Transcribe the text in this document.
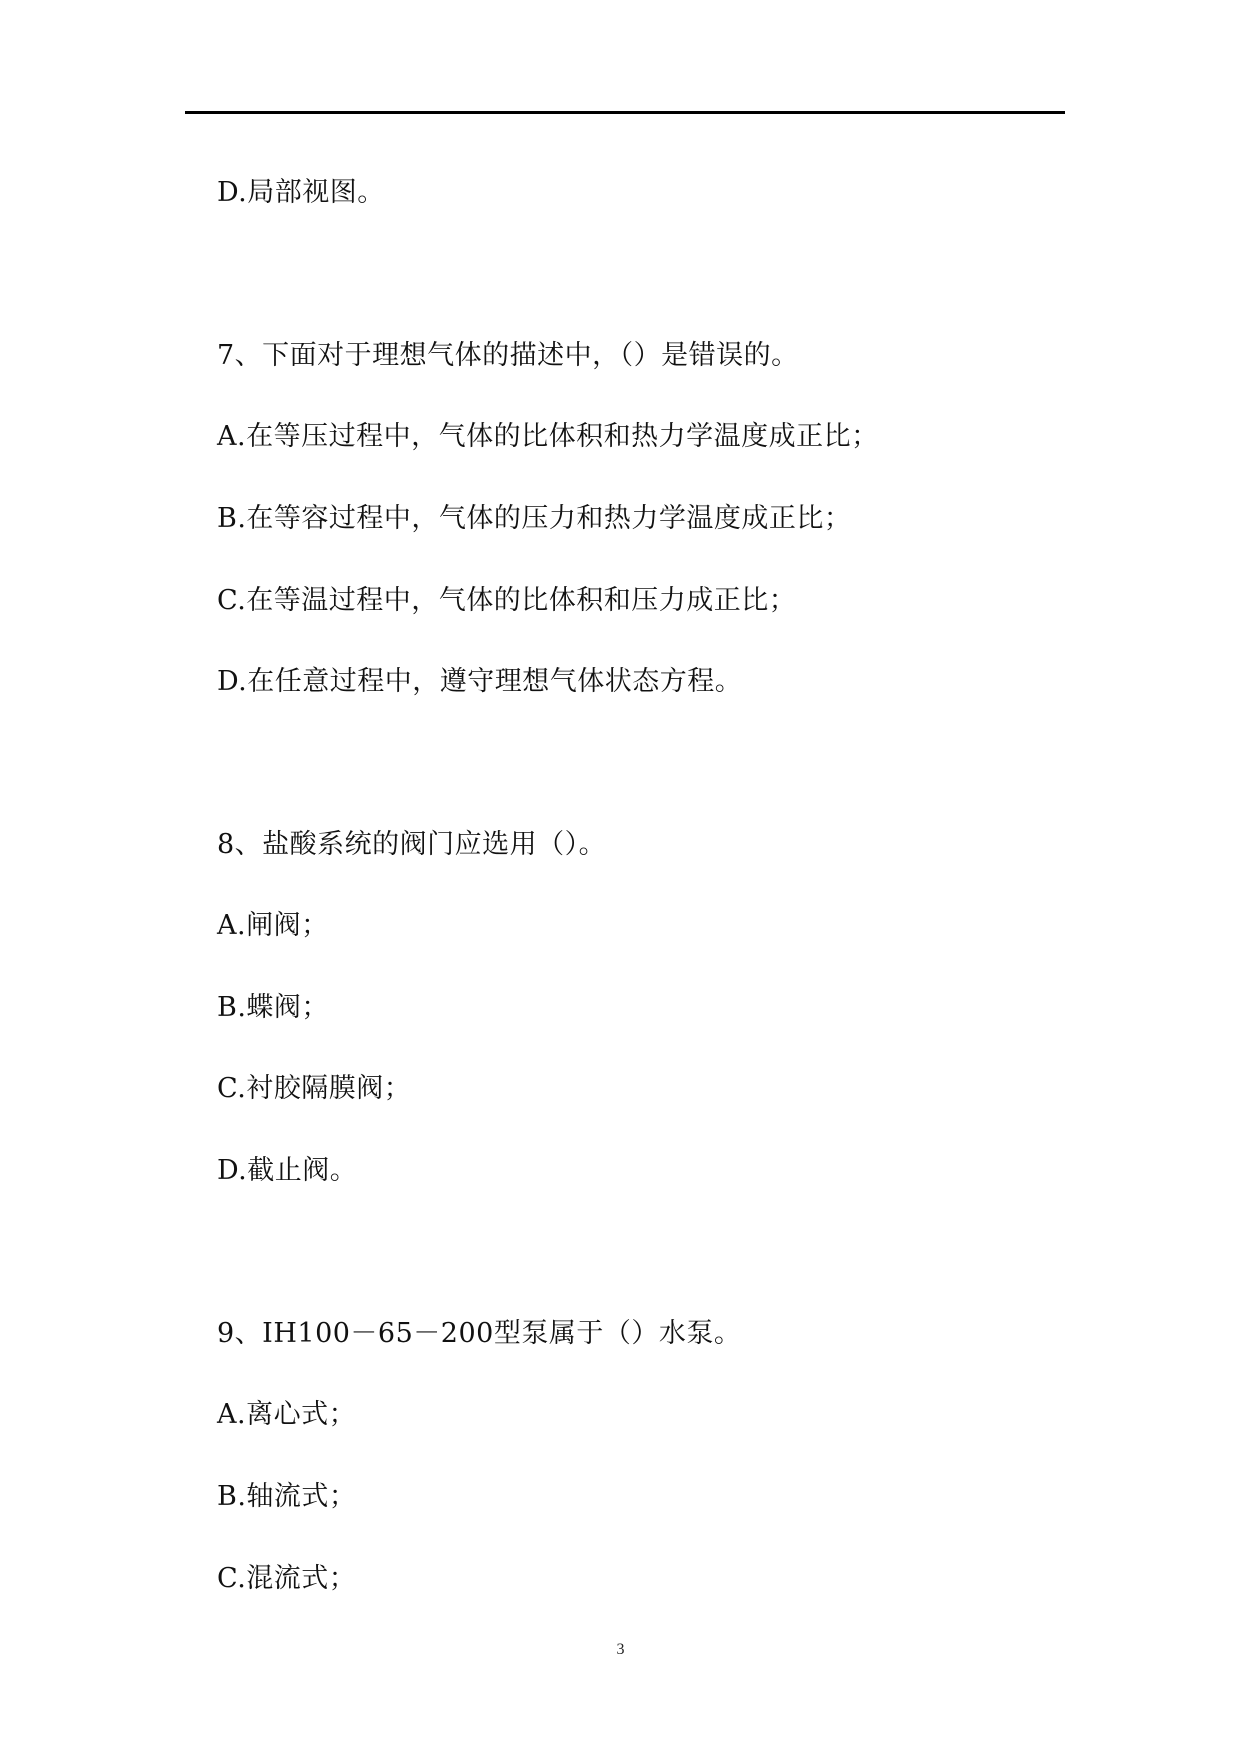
D.局部视图。
7、下面对于理想气体的描述中，（）是错误的。
A.在等压过程中，气体的比体积和热力学温度成正比；
B.在等容过程中，气体的压力和热力学温度成正比；
C.在等温过程中，气体的比体积和压力成正比；
D.在任意过程中，遵守理想气体状态方程。
8、盐酸系统的阀门应选用（）。
A.闸阀；
B.蝶阀；
C.衬胶隔膜阀；
D.截止阀。
9、IH100－65－200型泵属于（）水泵。
A.离心式；
B.轴流式；
C.混流式；
3
